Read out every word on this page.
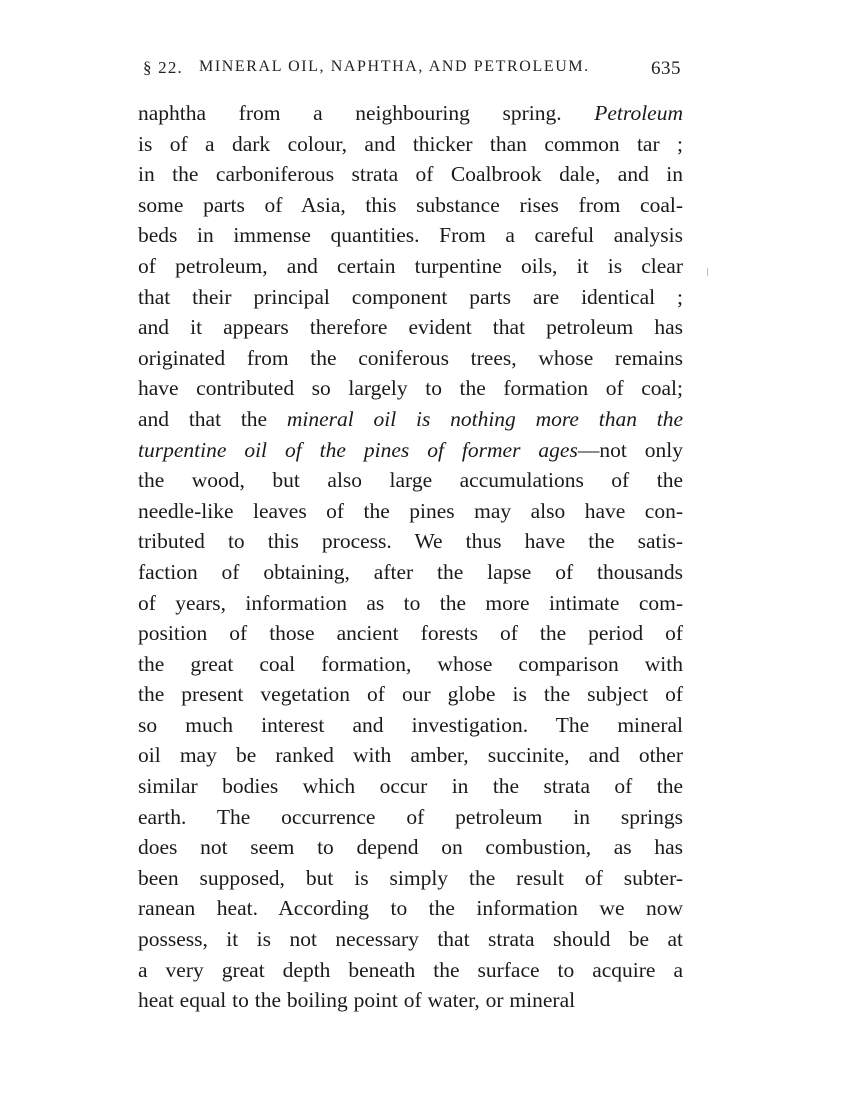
§ 22. MINERAL OIL, NAPHTHA, AND PETROLEUM.	635
naphtha from a neighbouring spring. Petroleum
is of a dark colour, and thicker than common tar ;
in the carboniferous strata of Coalbrook dale, and in
some parts of Asia, this substance rises from coal-
beds in immense quantities. From a careful analysis
of petroleum, and certain turpentine oils, it is clear
that their principal component parts are identical ;
and it appears therefore evident that petroleum has
originated from the coniferous trees, whose remains
have contributed so largely to the formation of coal;
and that the mineral oil is nothing more than the
turpentine oil of the pines of former ages—not only
the wood, but also large accumulations of the
needle-like leaves of the pines may also have con-
tributed to this process. We thus have the satis-
faction of obtaining, after the lapse of thousands
of years, information as to the more intimate com-
position of those ancient forests of the period of
the great coal formation, whose comparison with
the present vegetation of our globe is the subject of
so much interest and investigation. The mineral
oil may be ranked with amber, succinite, and other
similar bodies which occur in the strata of the
earth. The occurrence of petroleum in springs
does not seem to depend on combustion, as has
been supposed, but is simply the result of subter-
ranean heat. According to the information we now
possess, it is not necessary that strata should be at
a very great depth beneath the surface to acquire a
heat equal to the boiling point of water, or mineral
